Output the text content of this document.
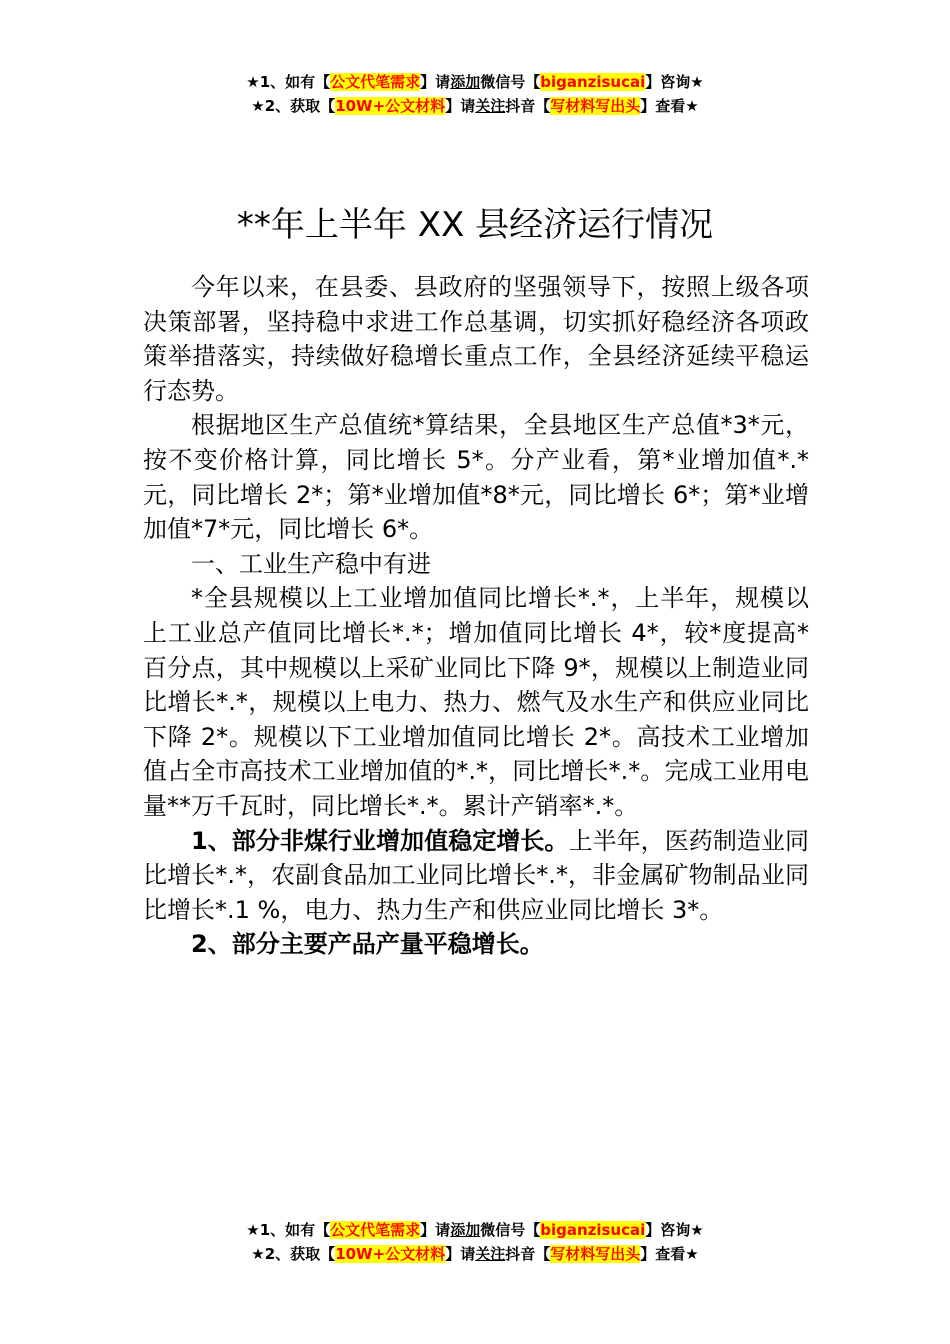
★1、如有【公文代笔需求】请添加微信号【biganzisucai】咨询★
★2、获取【10W+公文材料】请关注抖音【写材料写出头】查看★
**年上半年 XX 县经济运行情况

今年以来，在县委、县政府的坚强领导下，按照上级各项决策部署，坚持稳中求进工作总基调，切实抓好稳经济各项政策举措落实，持续做好稳增长重点工作，全县经济延续平稳运行态势。

根据地区生产总值统*算结果，全县地区生产总值*3*元，按不变价格计算，同比增长 5*。分产业看，第*业增加值*.*元，同比增长 2*；第*业增加值*8*元，同比增长 6*；第*业增加值*7*元，同比增长 6*。

一、工业生产稳中有进

*全县规模以上工业增加值同比增长*.*，上半年，规模以上工业总产值同比增长*.*；增加值同比增长 4*，较*度提高*百分点，其中规模以上采矿业同比下降 9*，规模以上制造业同比增长*.*，规模以上电力、热力、燃气及水生产和供应业同比下降 2*。规模以下工业增加值同比增长 2*。高技术工业增加值占全市高技术工业增加值的*.*，同比增长*.*。完成工业用电量**万千瓦时，同比增长*.*。累计产销率*.*。

1、部分非煤行业增加值稳定增长。上半年，医药制造业同比增长*.*，农副食品加工业同比增长*.*，非金属矿物制品业同比增长*.1 %，电力、热力生产和供应业同比增长 3*。

2、部分主要产品产量平稳增长。

★1、如有【公文代笔需求】请添加微信号【biganzisucai】咨询★
★2、获取【10W+公文材料】请关注抖音【写材料写出头】查看★
